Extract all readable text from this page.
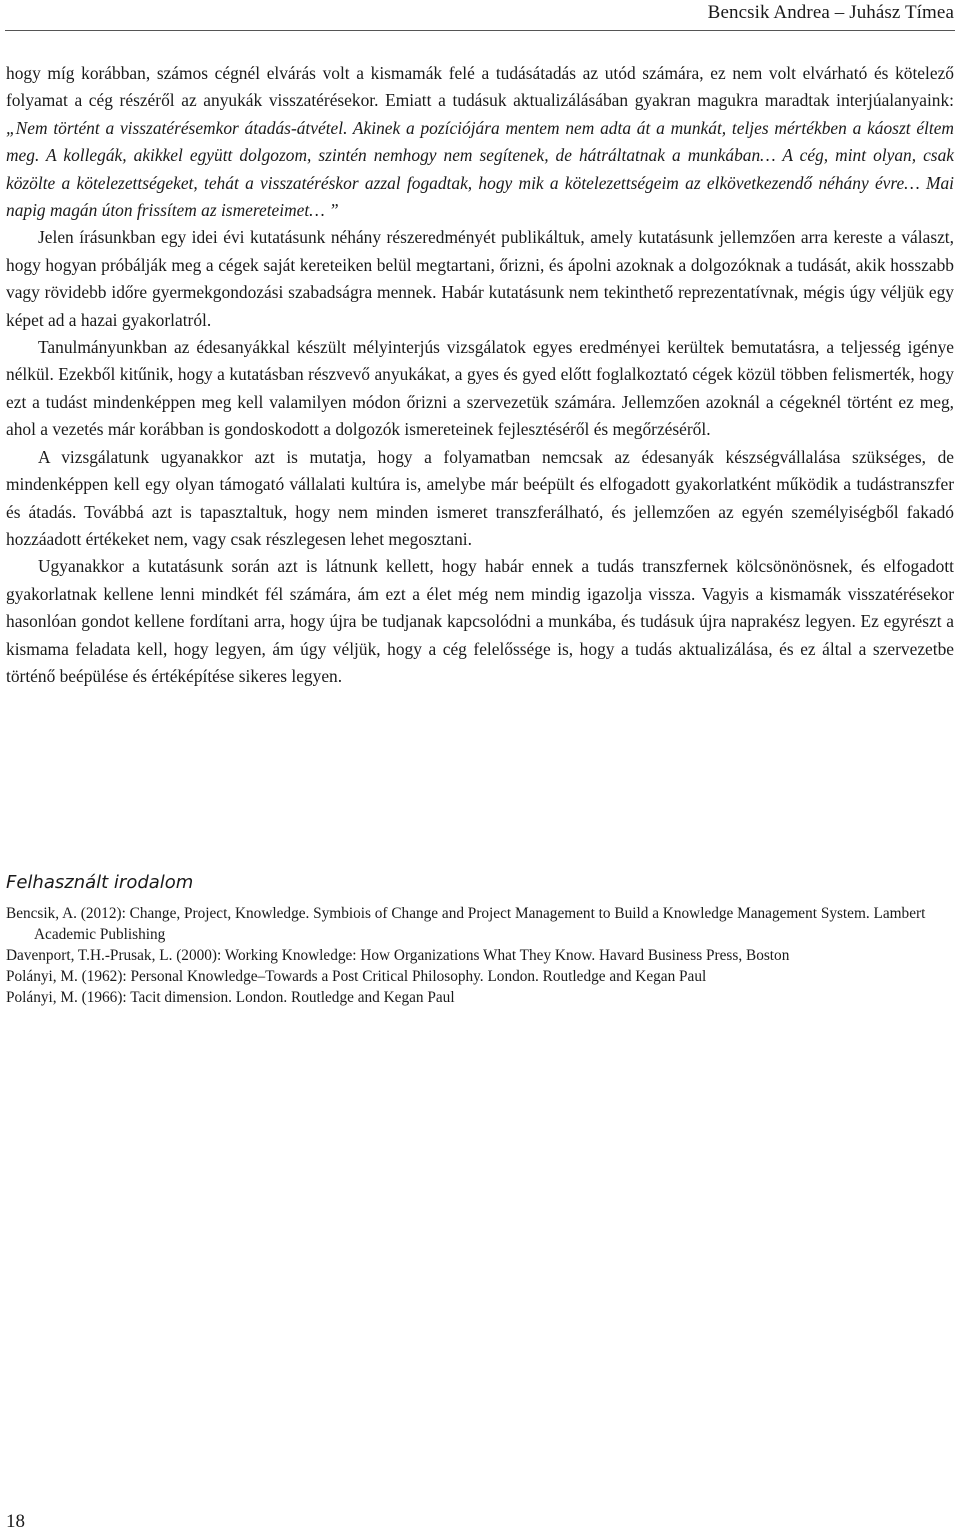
Bencsik Andrea – Juhász Tímea

hogy míg korábban, számos cégnél elvárás volt a kismamák felé a tudásátadás az utód számára, ez nem volt elvárható és kötelező folyamat a cég részéről az anyukák visszatérésekor. Emiatt a tudásuk aktualizálásában gyakran magukra maradtak interjúalanyaink: „Nem történt a visszatérésemkor átadás-átvétel. Akinek a pozíciójára mentem nem adta át a munkát, teljes mértékben a káoszt éltem meg. A kollegák, akikkel együtt dolgozom, szintén nemhogy nem segítenek, de hátráltatnak a munkában… A cég, mint olyan, csak közölte a kötelezettségeket, tehát a visszatéréskor azzal fogadtak, hogy mik a kötelezettségeim az elkövetkezendő néhány évre… Mai napig magán úton frissítem az ismereteimet… ”

Jelen írásunkban egy idei évi kutatásunk néhány részeredményét publikáltuk, amely kutatásunk jellemzően arra kereste a választ, hogy hogyan próbálják meg a cégek saját kereteiken belül megtartani, őrizni, és ápolni azoknak a dolgozóknak a tudását, akik hosszabb vagy rövidebb időre gyermekgondozási szabadságra mennek. Habár kutatásunk nem tekinthető reprezentatívnak, mégis úgy véljük egy képet ad a hazai gyakorlatról.

Tanulmányunkban az édesanyákkal készült mélyinterjús vizsgálatok egyes eredményei kerültek bemutatásra, a teljesség igénye nélkül. Ezekből kitűnik, hogy a kutatásban részvevő anyukákat, a gyes és gyed előtt foglalkoztató cégek közül többen felismerték, hogy ezt a tudást mindenképpen meg kell valamilyen módon őrizni a szervezetük számára. Jellemzően azoknál a cégeknél történt ez meg, ahol a vezetés már korábban is gondoskodott a dolgozók ismereteinek fejlesztéséről és megőrzéséről.

A vizsgálatunk ugyanakkor azt is mutatja, hogy a folyamatban nemcsak az édesanyák készségvállalása szükséges, de mindenképpen kell egy olyan támogató vállalati kultúra is, amelybe már beépült és elfogadott gyakorlatként működik a tudástranszfer és átadás. Továbbá azt is tapasztaltuk, hogy nem minden ismeret transzferálható, és jellemzően az egyén személyiségből fakadó hozzáadott értékeket nem, vagy csak részlegesen lehet megosztani.

Ugyanakkor a kutatásunk során azt is látnunk kellett, hogy habár ennek a tudás transzfernek kölcsönönösnek, és elfogadott gyakorlatnak kellene lenni mindkét fél számára, ám ezt a élet még nem mindig igazolja vissza. Vagyis a kismamák visszatérésekor hasonlóan gondot kellene fordítani arra, hogy újra be tudjanak kapcsolódni a munkába, és tudásuk újra naprakész legyen. Ez egyrészt a kismama feladata kell, hogy legyen, ám úgy véljük, hogy a cég felelőssége is, hogy a tudás aktualizálása, és ez által a szervezetbe történő beépülése és értéképítése sikeres legyen.

Felhasznált irodalom

Bencsik, A. (2012): Change, Project, Knowledge. Symbiois of Change and Project Management to Build a Knowledge Management System. Lambert Academic Publishing

Davenport, T.H.-Prusak, L. (2000): Working Knowledge: How Organizations What They Know. Havard Business Press, Boston

Polányi, M. (1962): Personal Knowledge–Towards a Post Critical Philosophy. London. Routledge and Kegan Paul

Polányi, M. (1966): Tacit dimension. London. Routledge and Kegan Paul

18
